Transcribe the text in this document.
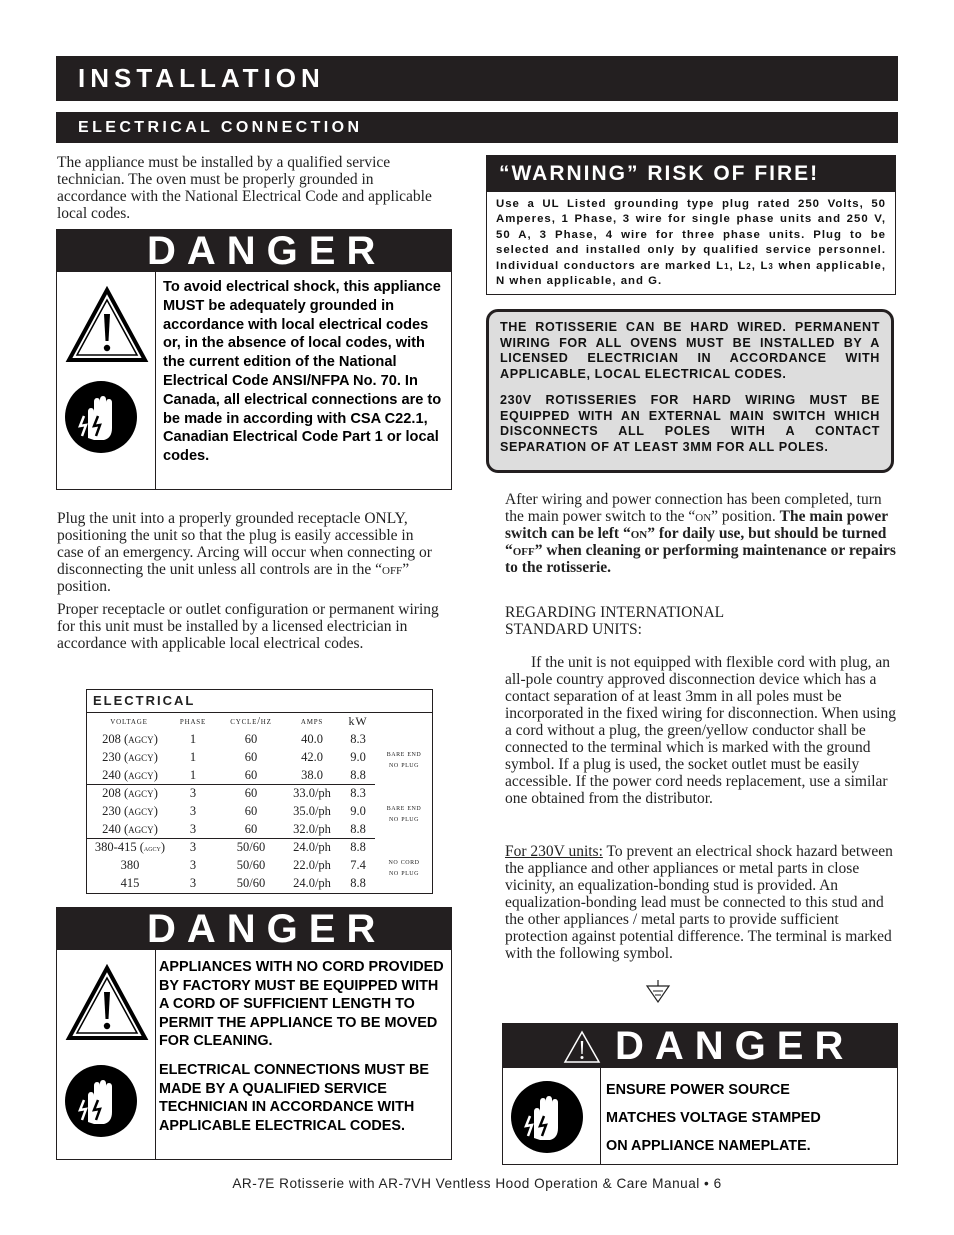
INSTALLATION
ELECTRICAL CONNECTION
The appliance must be installed by a qualified service technician. The oven must be properly grounded in accordance with the National Electrical Code and applicable local codes.
DANGER
To avoid electrical shock, this appliance MUST be adequately grounded in accordance with local electrical codes or, in the absence of local codes, with the current edition of the National Electrical Code ANSI/NFPA No. 70. In Canada, all electrical connections are to be made in according with CSA C22.1, Canadian Electrical Code Part 1 or local codes.

Plug the unit into a properly grounded receptacle ONLY, positioning the unit so that the plug is easily accessible in case of an emergency. Arcing will occur when connecting or disconnecting the unit unless all controls are in the “off” position.

Proper receptacle or outlet configuration or permanent wiring for this unit must be installed by a licensed electrician in accordance with applicable local electrical codes.

ELECTRICAL
voltage	phase	cycle/hz	amps	kW
208 (agcy)	1	60	40.0	8.3
230 (agcy)	1	60	42.0	9.0
240 (agcy)	1	60	38.0	8.8
bare end
no plug
208 (agcy)	3	60	33.0/ph	8.3
230 (agcy)	3	60	35.0/ph	9.0
240 (agcy)	3	60	32.0/ph	8.8
bare end
no plug
380-415 (agcy)	3	50/60	24.0/ph	8.8
380	3	50/60	22.0/ph	7.4
415	3	50/60	24.0/ph	8.8
no cord
no plug
DANGER
APPLIANCES WITH NO CORD PROVIDED BY FACTORY MUST BE EQUIPPED WITH A CORD OF SUFFICIENT LENGTH TO PERMIT THE APPLIANCE TO BE MOVED FOR CLEANING.
ELECTRICAL CONNECTIONS MUST BE MADE BY A QUALIFIED SERVICE TECHNICIAN IN ACCORDANCE WITH APPLICABLE ELECTRICAL CODES.
“WARNING” RISK OF FIRE!
Use a UL Listed grounding type plug rated 250 Volts, 50 Amperes, 1 Phase, 3 wire for single phase units and 250 V, 50 A, 3 Phase, 4 wire for three phase units. Plug to be selected and installed only by qualified service personnel. Individual conductors are marked L1, L2, L3 when applicable, N when applicable, and G.

THE ROTISSERIE CAN BE HARD WIRED. PERMANENT WIRING FOR ALL OVENS MUST BE INSTALLED BY A LICENSED ELECTRICIAN IN ACCORDANCE WITH APPLICABLE, LOCAL ELECTRICAL CODES.

230V ROTISSERIES FOR HARD WIRING MUST BE EQUIPPED WITH AN EXTERNAL MAIN SWITCH WHICH DISCONNECTS ALL POLES WITH A CONTACT SEPARATION OF AT LEAST 3MM FOR ALL POLES.

After wiring and power connection has been completed, turn the main power switch to the “on” position. The main power switch can be left “on” for daily use, but should be turned “off” when cleaning or performing maintenance or repairs to the rotisserie.
REGARDING INTERNATIONAL
STANDARD UNITS:
If the unit is not equipped with flexible cord with plug, an all-pole country approved disconnection device which has a contact separation of at least 3mm in all poles must be incorporated in the fixed wiring for disconnection. When using a cord without a plug, the green/yellow conductor shall be connected to the terminal which is marked with the ground symbol. If a plug is used, the socket outlet must be easily accessible. If the power cord needs replacement, use a similar one obtained from the distributor.
For 230V units: To prevent an electrical shock hazard between the appliance and other appliances or metal parts in close vicinity, an equalization-bonding stud is provided. An equalization-bonding lead must be connected to this stud and the other appliances / metal parts to provide sufficient protection against potential difference. The terminal is marked with the following symbol.
DANGER
ENSURE POWER SOURCE
MATCHES VOLTAGE STAMPED
ON APPLIANCE NAMEPLATE.
AR-7E Rotisserie with AR-7VH Ventless Hood Operation & Care Manual • 6
